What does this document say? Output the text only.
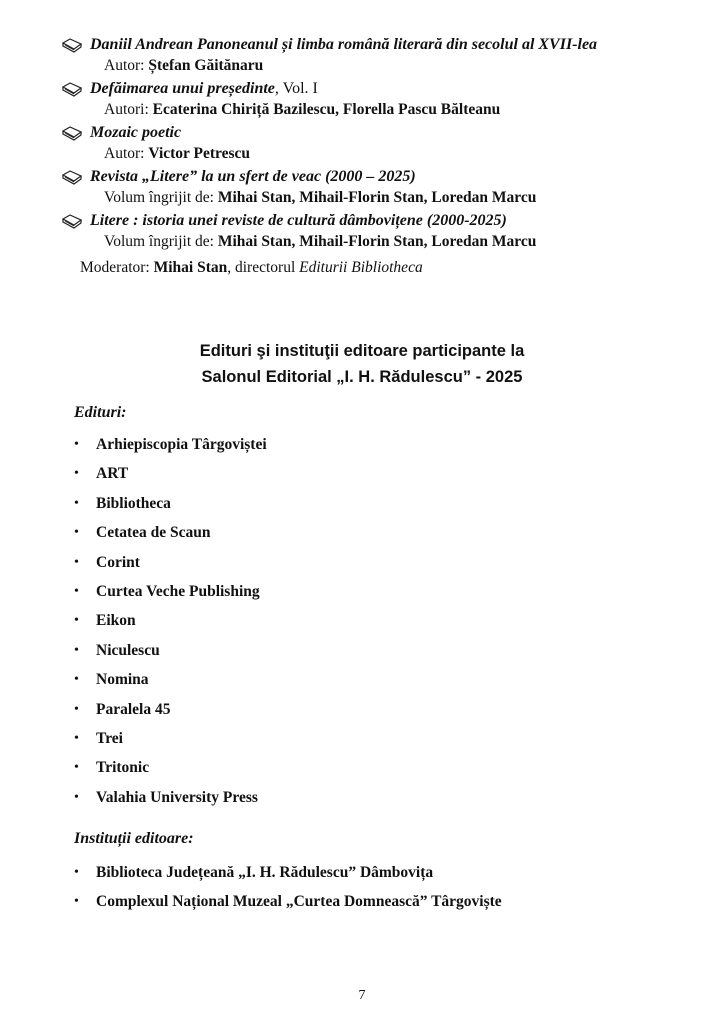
Daniil Andrean Panoneanul și limba română literară din secolul al XVII-lea
Autor: Ștefan Găitănaru
Defăimarea unui președinte, Vol. I
Autori: Ecaterina Chiriță Bazilescu, Florella Pascu Bălteanu
Mozaic poetic
Autor: Victor Petrescu
Revista „Litere” la un sfert de veac (2000 – 2025)
Volum îngrijit de: Mihai Stan, Mihail-Florin Stan, Loredan Marcu
Litere : istoria unei reviste de cultură dâmbovițene (2000-2025)
Volum îngrijit de: Mihai Stan, Mihail-Florin Stan, Loredan Marcu
Moderator: Mihai Stan, directorul Editurii Bibliotheca
Edituri şi instituţii editoare participante la
Salonul Editorial „I. H. Rădulescu” - 2025
Edituri:
• Arhiepiscopia Târgoviștei
• ART
• Bibliotheca
• Cetatea de Scaun
• Corint
• Curtea Veche Publishing
• Eikon
• Niculescu
• Nomina
• Paralela 45
• Trei
• Tritonic
• Valahia University Press
Instituții editoare:
• Biblioteca Județeană „I. H. Rădulescu” Dâmbovița
• Complexul Național Muzeal „Curtea Domnească” Târgoviște
7
